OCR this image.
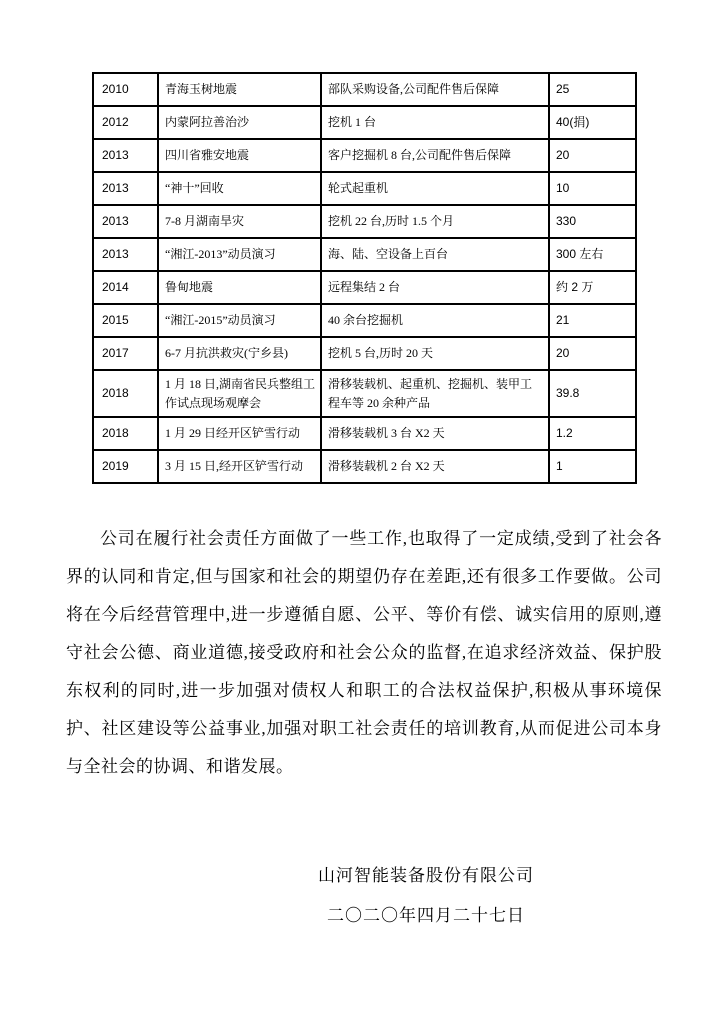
2010	青海玉树地震	部队采购设备,公司配件售后保障	25
2012	内蒙阿拉善治沙	挖机 1 台	40(捐)
2013	四川省雅安地震	客户挖掘机 8 台,公司配件售后保障	20
2013	“神十”回收	轮式起重机	10
2013	7-8 月湖南旱灾	挖机 22 台,历时 1.5 个月	330
2013	“湘江-2013”动员演习	海、陆、空设备上百台	300 左右
2014	鲁甸地震	远程集结 2 台	约 2 万
2015	“湘江-2015”动员演习	40 余台挖掘机	21
2017	6-7 月抗洪救灾(宁乡县)	挖机 5 台,历时 20 天	20
2018	1 月 18 日,湖南省民兵整组工作试点现场观摩会	滑移装载机、起重机、挖掘机、装甲工程车等 20 余种产品	39.8
2018	1 月 29 日经开区铲雪行动	滑移装载机 3 台 X2 天	1.2
2019	3 月 15 日,经开区铲雪行动	滑移装载机 2 台 X2 天	1

公司在履行社会责任方面做了一些工作,也取得了一定成绩,受到了社会各界的认同和肯定,但与国家和社会的期望仍存在差距,还有很多工作要做。公司将在今后经营管理中,进一步遵循自愿、公平、等价有偿、诚实信用的原则,遵守社会公德、商业道德,接受政府和社会公众的监督,在追求经济效益、保护股东权利的同时,进一步加强对债权人和职工的合法权益保护,积极从事环境保护、社区建设等公益事业,加强对职工社会责任的培训教育,从而促进公司本身与全社会的协调、和谐发展。

山河智能装备股份有限公司
二〇二〇年四月二十七日
